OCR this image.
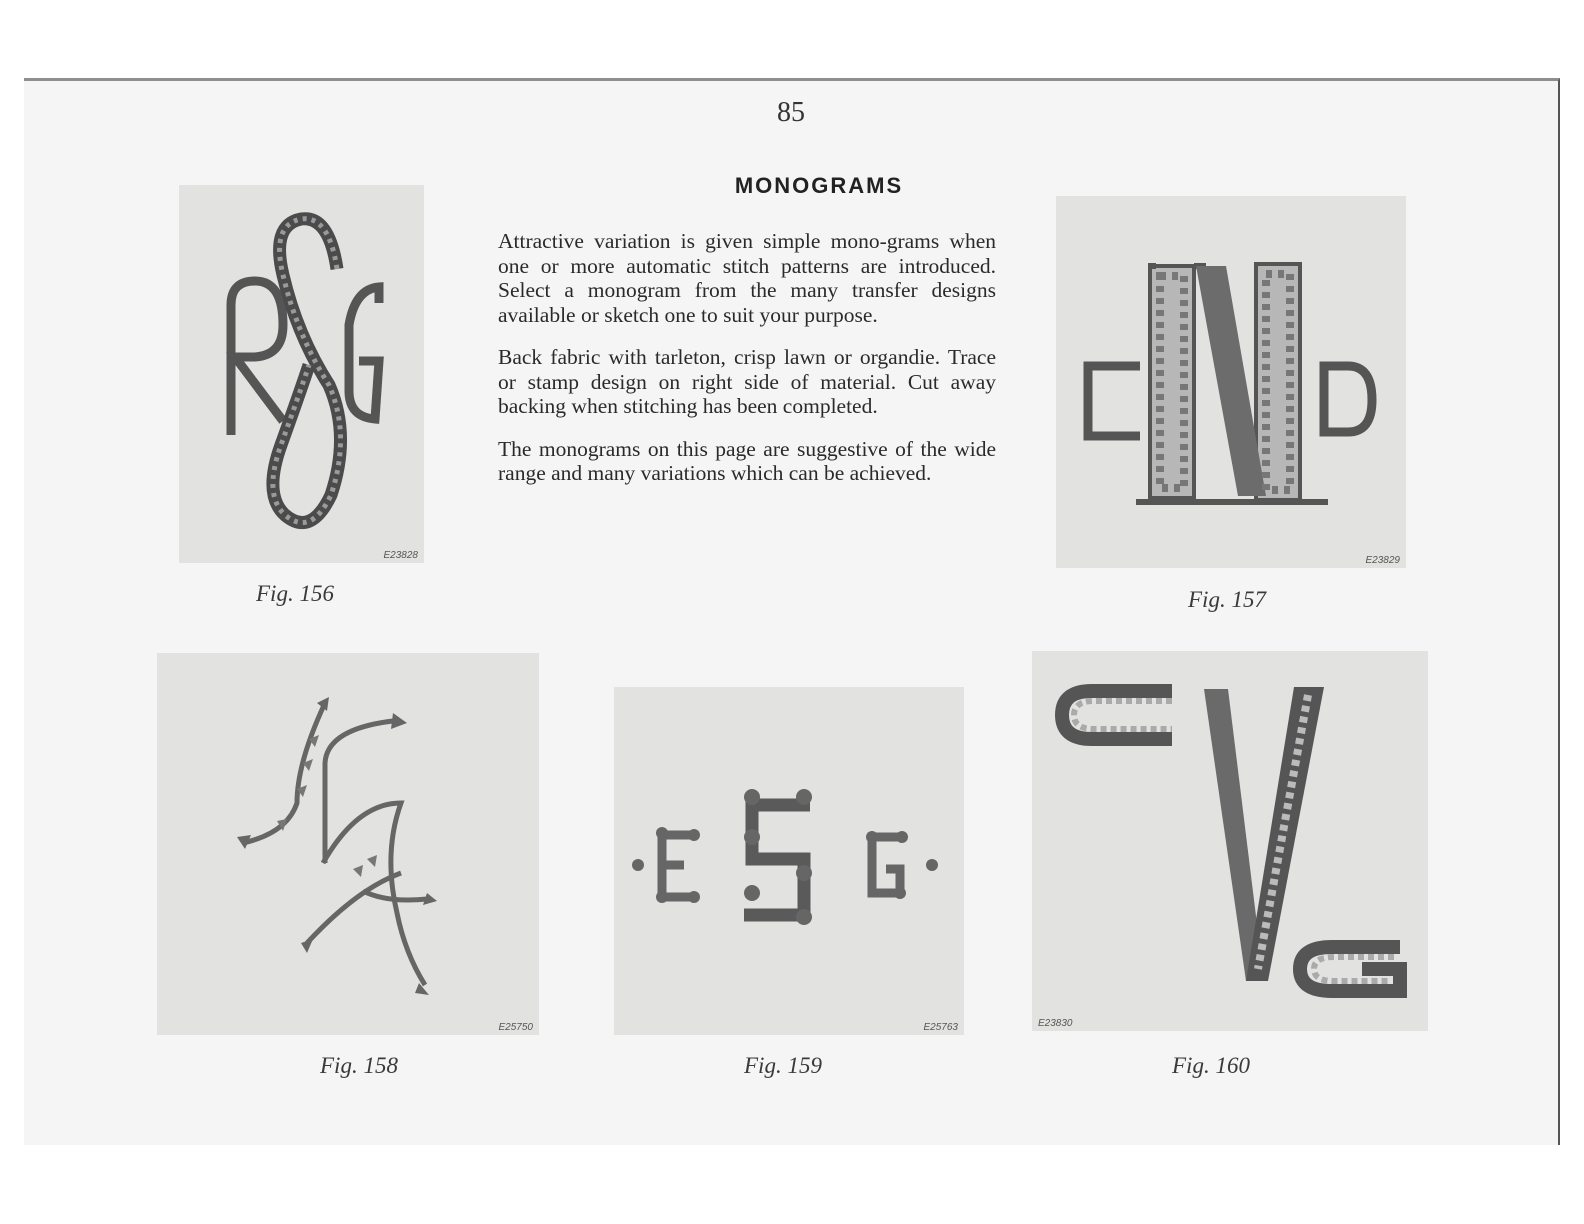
85
MONOGRAMS

Attractive variation is given simple mono-grams when one or more automatic stitch patterns are introduced. Select a monogram from the many transfer designs available or sketch one to suit your purpose.

Back fabric with tarleton, crisp lawn or organdie. Trace or stamp design on right side of material. Cut away backing when stitching has been completed.

The monograms on this page are suggestive of the wide range and many variations which can be achieved.

E23828
Fig. 156
E23829
Fig. 157
E25750
Fig. 158
E25763
Fig. 159
E23830
Fig. 160
